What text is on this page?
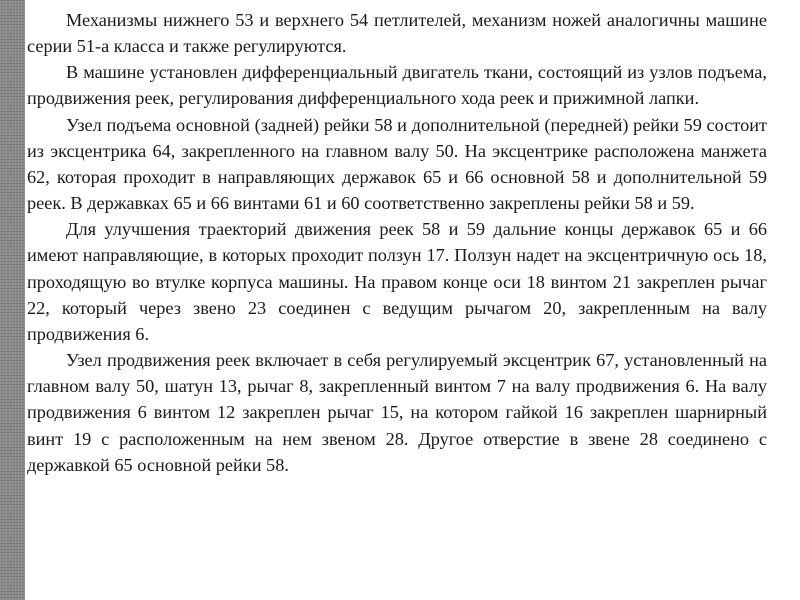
Механизмы нижнего 53 и верхнего 54 петлителей, механизм ножей аналогичны машине серии 51-а класса и также регулируются.

В машине установлен дифференциальный двигатель ткани, состоящий из узлов подъема, продвижения реек, регулирования дифференциального хода реек и прижимной лапки.

Узел подъема основной (задней) рейки 58 и дополнительной (передней) рейки 59 состоит из эксцентрика 64, закрепленного на главном валу 50. На эксцентрике расположена манжета 62, которая проходит в направляющих державок 65 и 66 основной 58 и дополнительной 59 реек. В державках 65 и 66 винтами 61 и 60 соответственно закреплены рейки 58 и 59.

Для улучшения траекторий движения реек 58 и 59 дальние концы державок 65 и 66 имеют направляющие, в которых проходит ползун 17. Ползун надет на эксцентричную ось 18, проходящую во втулке корпуса машины. На правом конце оси 18 винтом 21 закреплен рычаг 22, который через звено 23 соединен с ведущим рычагом 20, закрепленным на валу продвижения 6.

Узел продвижения реек включает в себя регулируемый эксцентрик 67, установленный на главном валу 50, шатун 13, рычаг 8, закрепленный винтом 7 на валу продвижения 6. На валу продвижения 6 винтом 12 закреплен рычаг 15, на котором гайкой 16 закреплен шарнирный винт 19 с расположенным на нем звеном 28. Другое отверстие в звене 28 соединено с державкой 65 основной рейки 58.
